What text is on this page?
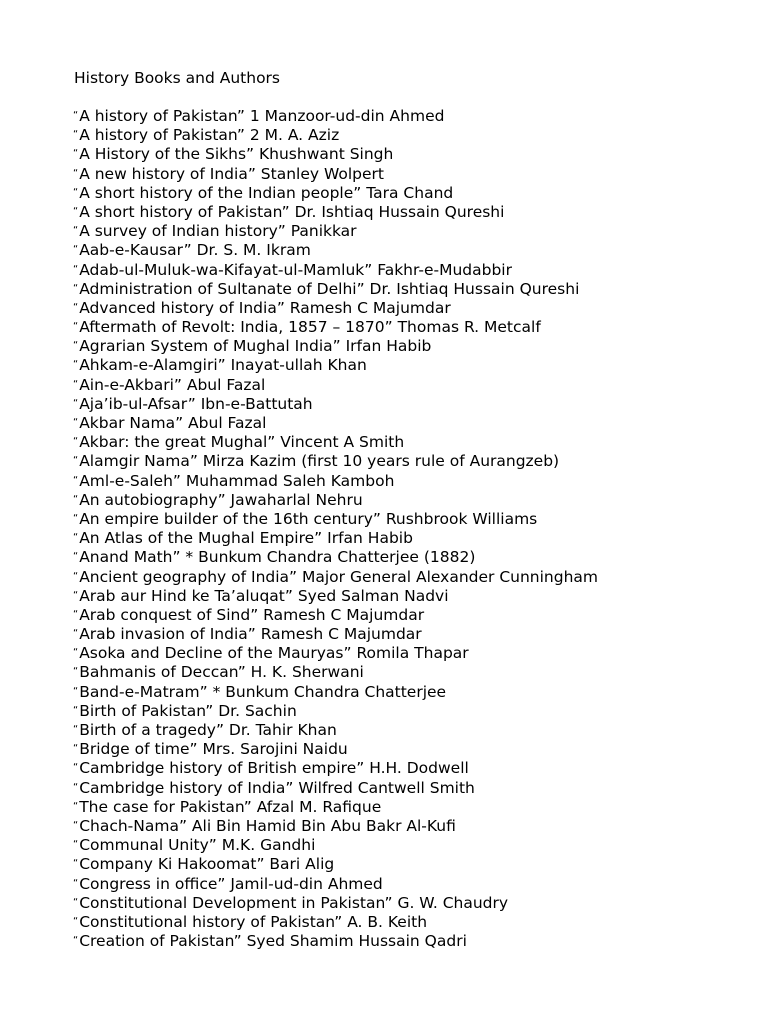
History Books and Authors
“A history of Pakistan” 1 Manzoor-ud-din Ahmed
“A history of Pakistan” 2 M. A. Aziz
“A History of the Sikhs” Khushwant Singh
“A new history of India” Stanley Wolpert
“A short history of the Indian people” Tara Chand
“A short history of Pakistan” Dr. Ishtiaq Hussain Qureshi
“A survey of Indian history” Panikkar
“Aab-e-Kausar” Dr. S. M. Ikram
“Adab-ul-Muluk-wa-Kifayat-ul-Mamluk” Fakhr-e-Mudabbir
“Administration of Sultanate of Delhi” Dr. Ishtiaq Hussain Qureshi
“Advanced history of India” Ramesh C Majumdar
“Aftermath of Revolt: India, 1857 – 1870” Thomas R. Metcalf
“Agrarian System of Mughal India” Irfan Habib
“Ahkam-e-Alamgiri” Inayat-ullah Khan
“Ain-e-Akbari” Abul Fazal
“Aja’ib-ul-Afsar” Ibn-e-Battutah
“Akbar Nama” Abul Fazal
“Akbar: the great Mughal” Vincent A Smith
“Alamgir Nama” Mirza Kazim (first 10 years rule of Aurangzeb)
“Aml-e-Saleh” Muhammad Saleh Kamboh
“An autobiography” Jawaharlal Nehru
“An empire builder of the 16th century” Rushbrook Williams
“An Atlas of the Mughal Empire” Irfan Habib
“Anand Math” * Bunkum Chandra Chatterjee (1882)
“Ancient geography of India” Major General Alexander Cunningham
“Arab aur Hind ke Ta’aluqat” Syed Salman Nadvi
“Arab conquest of Sind” Ramesh C Majumdar
“Arab invasion of India” Ramesh C Majumdar
“Asoka and Decline of the Mauryas” Romila Thapar
“Bahmanis of Deccan” H. K. Sherwani
“Band-e-Matram” * Bunkum Chandra Chatterjee
“Birth of Pakistan” Dr. Sachin
“Birth of a tragedy” Dr. Tahir Khan
“Bridge of time” Mrs. Sarojini Naidu
“Cambridge history of British empire” H.H. Dodwell
“Cambridge history of India” Wilfred Cantwell Smith
“The case for Pakistan” Afzal M. Rafique
“Chach-Nama” Ali Bin Hamid Bin Abu Bakr Al-Kufi
“Communal Unity” M.K. Gandhi
“Company Ki Hakoomat” Bari Alig
“Congress in office” Jamil-ud-din Ahmed
“Constitutional Development in Pakistan” G. W. Chaudry
“Constitutional history of Pakistan” A. B. Keith
“Creation of Pakistan” Syed Shamim Hussain Qadri
